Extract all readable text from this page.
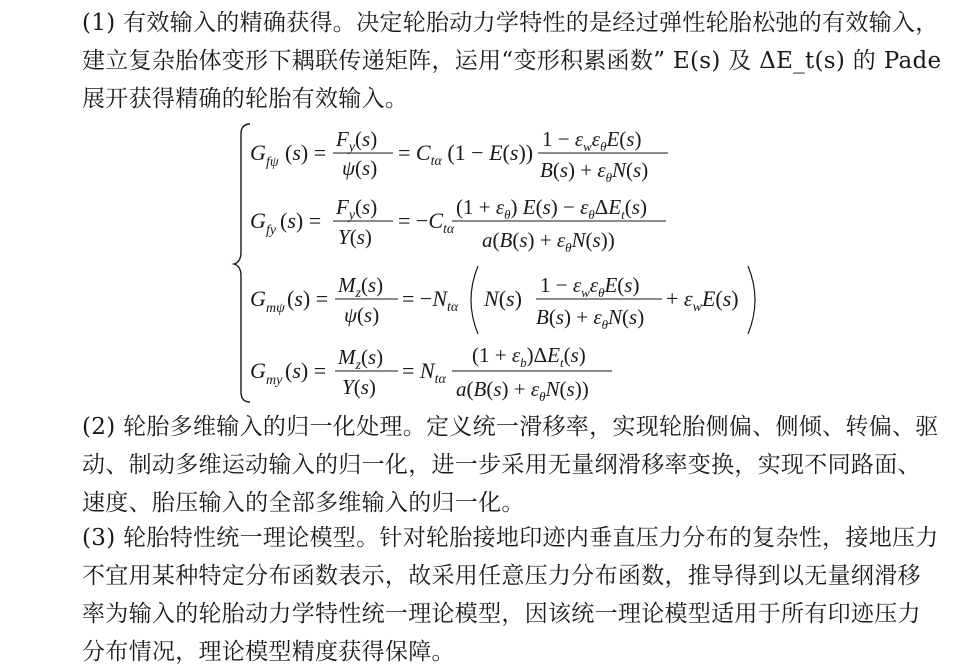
(1) 有效输入的精确获得。决定轮胎动力学特性的是经过弹性轮胎松弛的有效输入，建立复杂胎体变形下耦联传递矩阵，运用“变形积累函数” E(s) 及 ΔE_t(s) 的 Pade 展开获得精确的轮胎有效输入。
G fψ (s) =
$F_y(s)$
ψ(s)
= $C_{t\alpha}$ (1 − E(s))
$1 - \varepsilon_w\varepsilon_\theta E(s)$
$B(s) + \varepsilon_\theta N(s)$
G fy (s) =
$F_y(s)$
Y(s)
= $-C_{t\alpha}$
$(1 + \varepsilon_\theta)$ $E(s) - \varepsilon_\theta\Delta E_t(s)$
$a(B(s) + \varepsilon_\theta N(s))$
G mψ (s) =
$M_z(s)$
ψ(s)
= $-N_{t\alpha}$ N(s)
$1 - \varepsilon_w\varepsilon_\theta E(s)$
$B(s) + \varepsilon_\theta N(s)$
+ $\varepsilon_wE(s)$
G my (s) =
$M_z(s)$
Y(s)
= $N_{t\alpha}$
$(1 + \varepsilon_b)\Delta E_t(s)$
$a(B(s) + \varepsilon_\theta N(s))$
(2) 轮胎多维输入的归一化处理。定义统一滑移率，实现轮胎侧偏、侧倾、转偏、驱动、制动多维运动输入的归一化，进一步采用无量纲滑移率变换，实现不同路面、速度、胎压输入的全部多维输入的归一化。
(3) 轮胎特性统一理论模型。针对轮胎接地印迹内垂直压力分布的复杂性，接地压力不宜用某种特定分布函数表示，故采用任意压力分布函数，推导得到以无量纲滑移率为输入的轮胎动力学特性统一理论模型，因该统一理论模型适用于所有印迹压力分布情况，理论模型精度获得保障。
